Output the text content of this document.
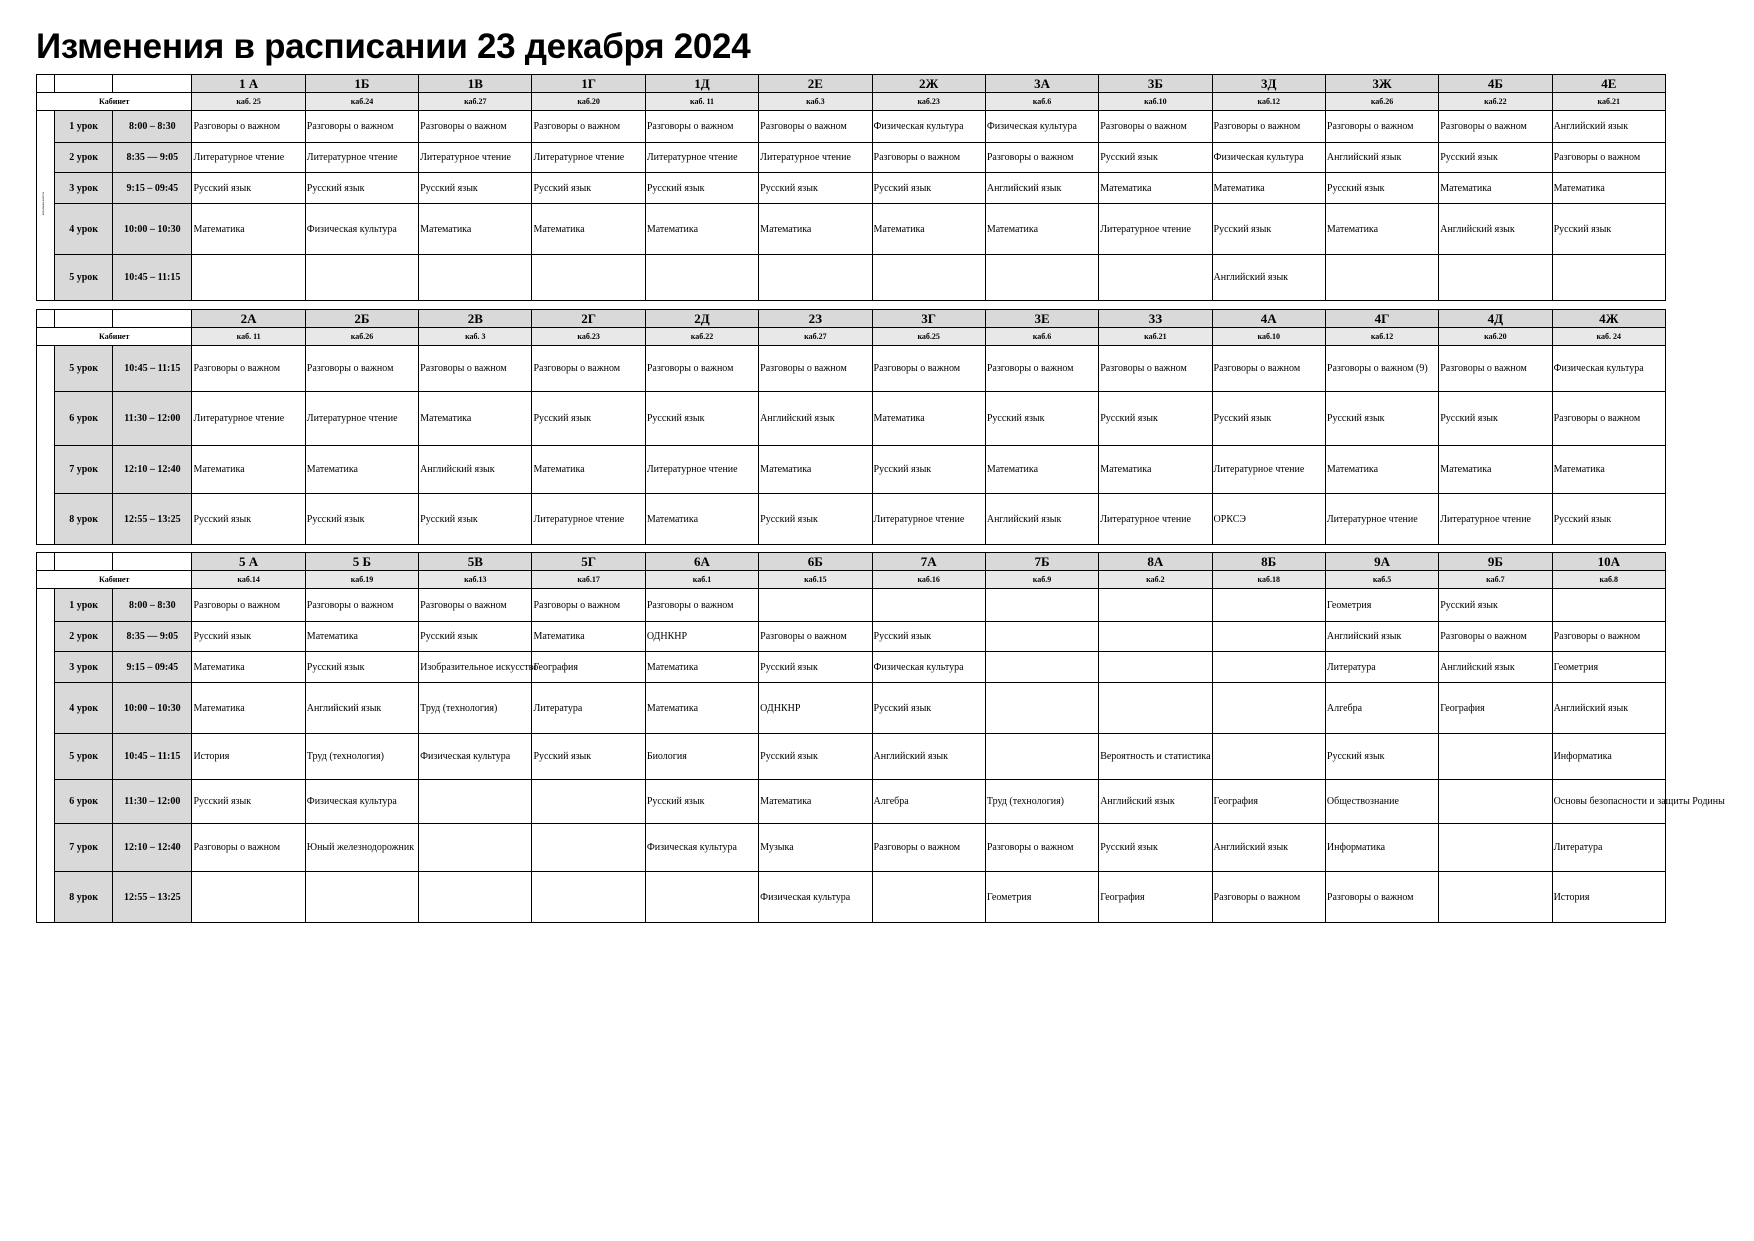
Изменения в расписании 23 декабря 2024
			1 А	1Б	1В	1Г	1Д	2Е	2Ж	3А	3Б	3Д	3Ж	4Б	4Е
Кабинет			каб. 25	каб.24	каб.27	каб.20	каб. 11	каб.3	каб.23	каб.6	каб.10	каб.12	каб.26	каб.22	каб.21
начальные классы	1 урок	8:00 – 8:30	Разговоры о важном	Разговоры о важном	Разговоры о важном	Разговоры о важном	Разговоры о важном	Разговоры о важном	Физическая культура	Физическая культура	Разговоры о важном	Разговоры о важном	Разговоры о важном	Разговоры о важном	Английский язык
	2 урок	8:35 — 9:05	Литературное чтение	Литературное чтение	Литературное чтение	Литературное чтение	Литературное чтение	Литературное чтение	Разговоры о важном	Разговоры о важном	Русский язык	Физическая культура	Английский язык	Русский язык	Разговоры о важном
	3 урок	9:15 – 09:45	Русский язык	Русский язык	Русский язык	Русский язык	Русский язык	Русский язык	Русский язык	Английский язык	Математика	Математика	Русский язык	Математика	Математика
	4 урок	10:00 – 10:30	Математика	Физическая культура	Математика	Математика	Математика	Математика	Математика	Математика	Литературное чтение	Русский язык	Математика	Английский язык	Русский язык
	5 урок	10:45 – 11:15										Английский язык			
			2А	2Б	2В	2Г	2Д	2З	3Г	3Е	3З	4А	4Г	4Д	4Ж
Кабинет			каб. 11	каб.26	каб. 3	каб.23	каб.22	каб.27	каб.25	каб.6	каб.21	каб.10	каб.12	каб.20	каб. 24
	5 урок	10:45 – 11:15	Разговоры о важном	Разговоры о важном	Разговоры о важном	Разговоры о важном	Разговоры о важном	Разговоры о важном	Разговоры о важном	Разговоры о важном	Разговоры о важном	Разговоры о важном	Разговоры о важном (9)	Разговоры о важном	Физическая культура
	6 урок	11:30 – 12:00	Литературное чтение	Литературное чтение	Математика	Русский язык	Русский язык	Английский язык	Математика	Русский язык	Русский язык	Русский язык	Русский язык	Русский язык	Разговоры о важном
	7 урок	12:10 – 12:40	Математика	Математика	Английский язык	Математика	Литературное чтение	Математика	Русский язык	Математика	Математика	Литературное чтение	Математика	Математика	Математика
	8 урок	12:55 – 13:25	Русский язык	Русский язык	Русский язык	Литературное чтение	Математика	Русский язык	Литературное чтение	Английский язык	Литературное чтение	ОРКСЭ	Литературное чтение	Литературное чтение	Русский язык
			5 А	5 Б	5В	5Г	6А	6Б	7А	7Б	8А	8Б	9А	9Б	10А
Кабинет			каб.14	каб.19	каб.13	каб.17	каб.1	каб.15	каб.16	каб.9	каб.2	каб.18	каб.5	каб.7	каб.8
	1 урок	8:00 – 8:30	Разговоры о важном	Разговоры о важном	Разговоры о важном	Разговоры о важном	Разговоры о важном						Геометрия	Русский язык	
	2 урок	8:35 — 9:05	Русский язык	Математика	Русский язык	Математика	ОДНКНР	Разговоры о важном	Русский язык				Английский язык	Разговоры о важном	Разговоры о важном
	3 урок	9:15 – 09:45	Математика	Русский язык	Изобразительное искусство	География	Математика	Русский язык	Физическая культура				Литература	Английский язык	Геометрия
	4 урок	10:00 – 10:30	Математика	Английский язык	Труд (технология)	Литература	Математика	ОДНКНР	Русский язык				Алгебра	География	Английский язык
	5 урок	10:45 – 11:15	История	Труд (технология)	Физическая культура	Русский язык	Биология	Русский язык	Английский язык		Вероятность и статистика		Русский язык		Информатика
	6 урок	11:30 – 12:00	Русский язык	Физическая культура			Русский язык	Математика	Алгебра	Труд (технология)	Английский язык	География	Обществознание		Основы безопасности и защиты Родины
	7 урок	12:10 – 12:40	Разговоры о важном	Юный железнодорожник			Физическая культура	Музыка	Разговоры о важном	Разговоры о важном	Русский язык	Английский язык	Информатика		Литература
	8 урок	12:55 – 13:25						Физическая культура		Геометрия	География	Разговоры о важном	Разговоры о важном		История
